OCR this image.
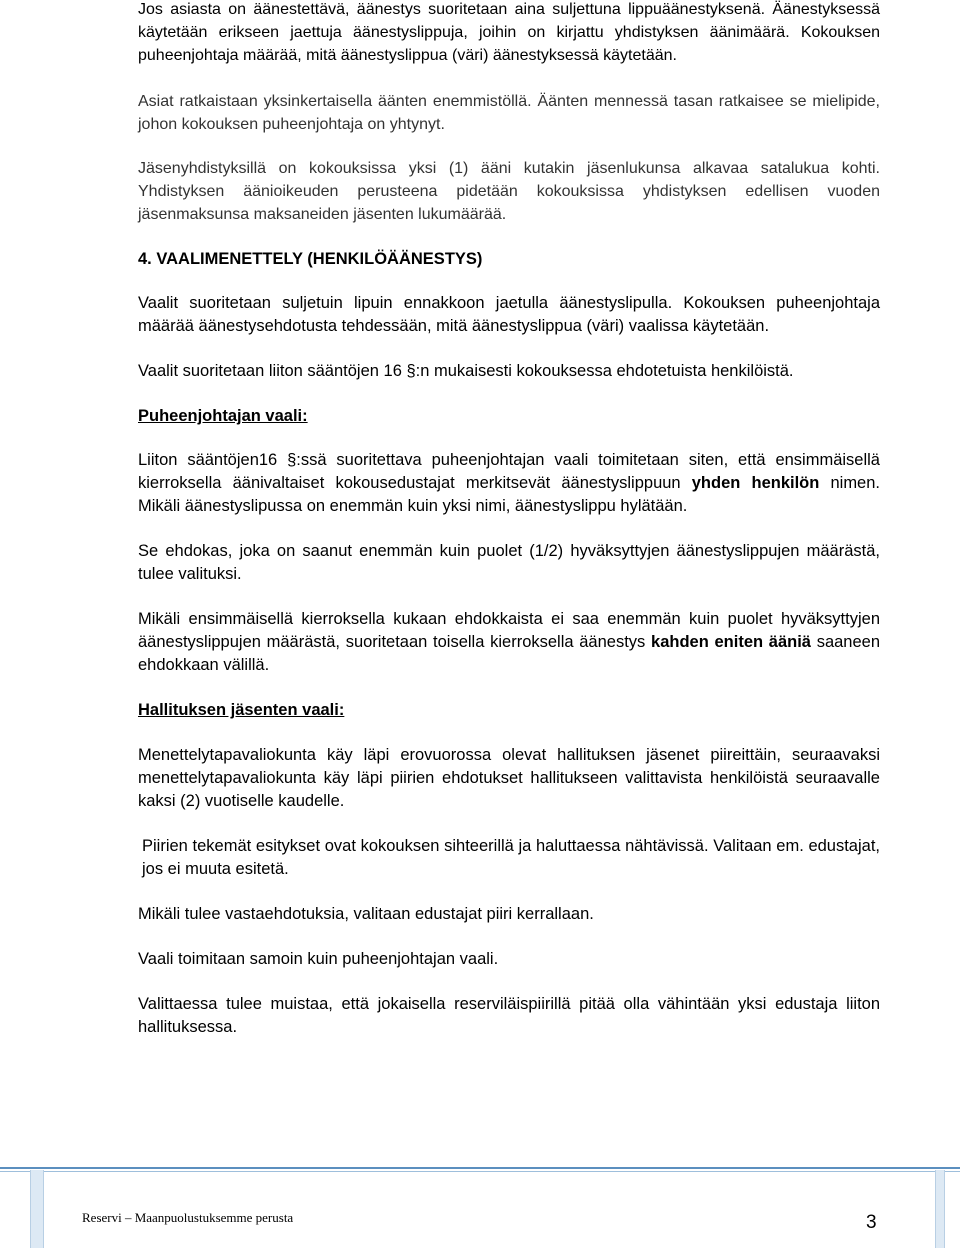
Jos asiasta on äänestettävä, äänestys suoritetaan aina suljettuna lippuäänestyksenä. Äänestyksessä käytetään erikseen jaettuja äänestyslippuja, joihin on kirjattu yhdistyksen äänimäärä. Kokouksen puheenjohtaja määrää, mitä äänestyslippua (väri) äänestyksessä käytetään.

Asiat ratkaistaan yksinkertaisella äänten enemmistöllä. Äänten mennessä tasan ratkaisee se mielipide, johon kokouksen puheenjohtaja on yhtynyt.

Jäsenyhdistyksillä on kokouksissa yksi (1) ääni kutakin jäsenlukunsa alkavaa satalukua kohti. Yhdistyksen äänioikeuden perusteena pidetään kokouksissa yhdistyksen edellisen vuoden jäsenmaksunsa maksaneiden jäsenten lukumäärää.

4. VAALIMENETTELY (HENKILÖÄÄNESTYS)

Vaalit suoritetaan suljetuin lipuin ennakkoon jaetulla äänestyslipulla. Kokouksen puheenjohtaja määrää äänestysehdotusta tehdessään, mitä äänestyslippua (väri) vaalissa käytetään.

Vaalit suoritetaan liiton sääntöjen 16 §:n mukaisesti kokouksessa ehdotetuista henkilöistä.

Puheenjohtajan vaali:

Liiton sääntöjen16 §:ssä suoritettava puheenjohtajan vaali toimitetaan siten, että ensimmäisellä kierroksella äänivaltaiset kokousedustajat merkitsevät äänestyslippuun yhden henkilön nimen. Mikäli äänestyslipussa on enemmän kuin yksi nimi, äänestyslippu hylätään.

Se ehdokas, joka on saanut enemmän kuin puolet (1/2) hyväksyttyjen äänestyslippujen määrästä, tulee valituksi.

Mikäli ensimmäisellä kierroksella kukaan ehdokkaista ei saa enemmän kuin puolet hyväksyttyjen äänestyslippujen määrästä, suoritetaan toisella kierroksella äänestys kahden eniten ääniä saaneen ehdokkaan välillä.

Hallituksen jäsenten vaali:

Menettelytapavaliokunta käy läpi erovuorossa olevat hallituksen jäsenet piireittäin, seuraavaksi menettelytapavaliokunta käy läpi piirien ehdotukset hallitukseen valittavista henkilöistä seuraavalle kaksi (2) vuotiselle kaudelle.

Piirien tekemät esitykset ovat kokouksen sihteerillä ja haluttaessa nähtävissä. Valitaan em. edustajat, jos ei muuta esitetä.

Mikäli tulee vastaehdotuksia, valitaan edustajat piiri kerrallaan.

Vaali toimitaan samoin kuin puheenjohtajan vaali.

Valittaessa tulee muistaa, että jokaisella reserviläispiirillä pitää olla vähintään yksi edustaja liiton hallituksessa.

Reservi – Maanpuolustuksemme perusta	3
